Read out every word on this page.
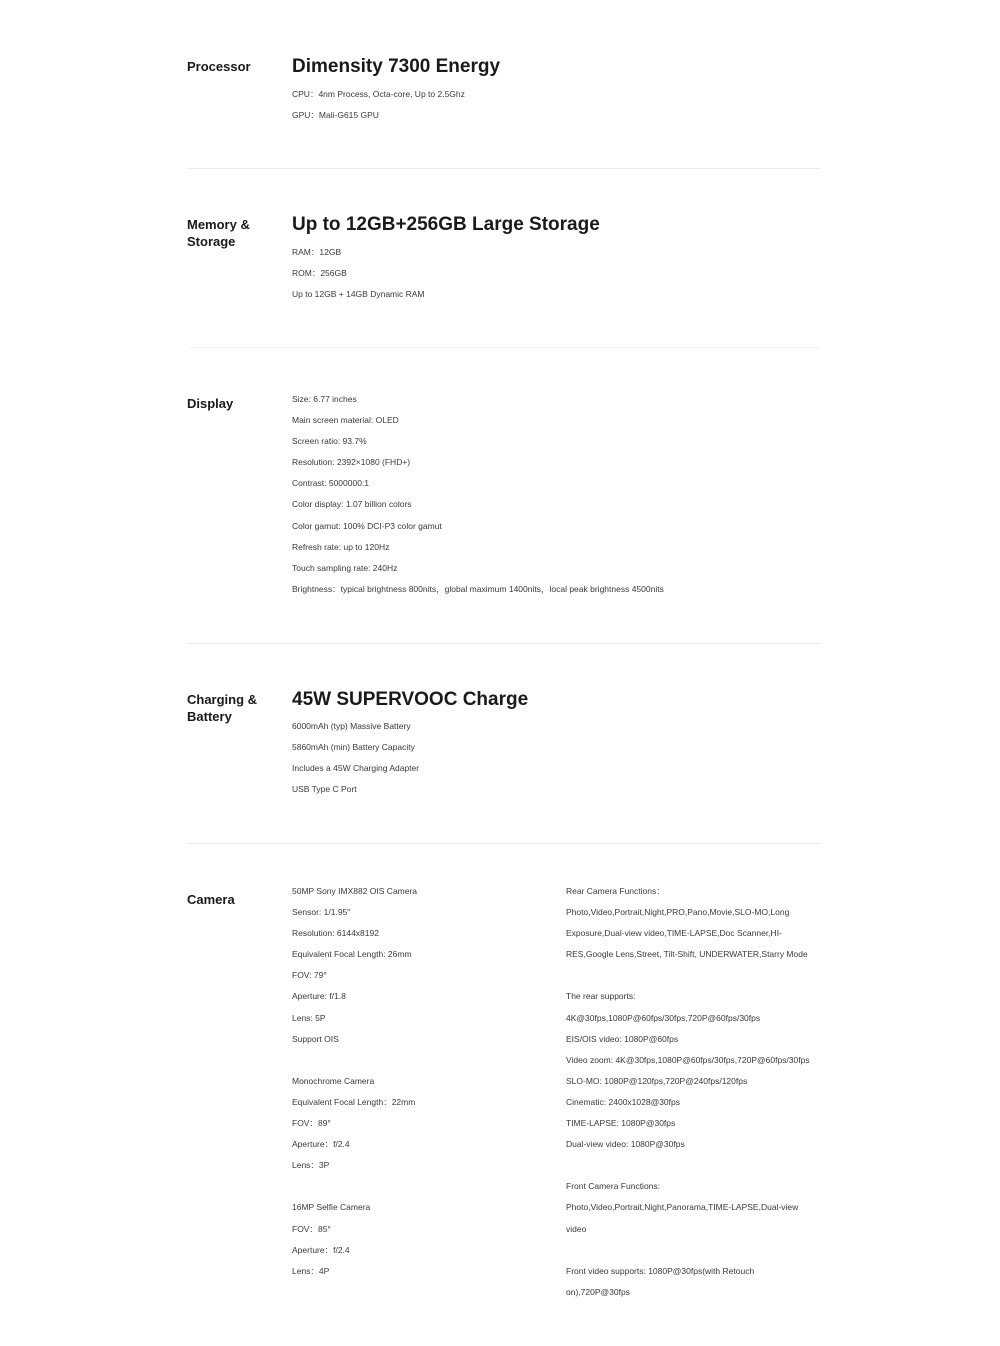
Processor	Dimensity 7300 Energy
CPU：4nm Process, Octa-core, Up to 2.5Ghz
GPU：Mali-G615 GPU
Memory &
Storage
Up to 12GB+256GB Large Storage
RAM：12GB
ROM：256GB
Up to 12GB + 14GB Dynamic RAM
Display	Size: 6.77 inches
Main screen material: OLED
Screen ratio: 93.7%
Resolution: 2392×1080 (FHD+)
Contrast: 5000000:1
Color display: 1.07 billion colors
Color gamut: 100% DCI-P3 color gamut
Refresh rate: up to 120Hz
Touch sampling rate: 240Hz
Brightness：typical brightness 800nits，global maximum 1400nits，local peak brightness 4500nits
Charging &
Battery
45W SUPERVOOC Charge
6000mAh (typ) Massive Battery
5860mAh (min) Battery Capacity
Includes a 45W Charging Adapter
USB Type C Port
Camera
50MP Sony IMX882 OIS Camera
Sensor: 1/1.95"
Resolution: 6144x8192
Equivalent Focal Length: 26mm
FOV: 79°
Aperture: f/1.8
Lens: 5P
Support OIS
Monochrome Camera
Equivalent Focal Length：22mm
FOV：89°
Aperture：f/2.4
Lens：3P
16MP Selfie Camera
FOV：85°
Aperture：f/2.4
Lens：4P
Rear Camera Functions：
Photo,Video,Portrait,Night,PRO,Pano,Movie,SLO-MO,Long
Exposure,Dual-view video,TIME-LAPSE,Doc Scanner,HI-
RES,Google Lens,Street, Tilt-Shift, UNDERWATER,Starry Mode
The rear supports:
4K@30fps,1080P@60fps/30fps,720P@60fps/30fps
EIS/OIS video: 1080P@60fps
Video zoom: 4K@30fps,1080P@60fps/30fps,720P@60fps/30fps
SLO-MO: 1080P@120fps,720P@240fps/120fps
Cinematic: 2400x1028@30fps
TIME-LAPSE: 1080P@30fps
Dual-view video: 1080P@30fps
Front Camera Functions:
Photo,Video,Portrait,Night,Panorama,TIME-LAPSE,Dual-view
video
Front video supports: 1080P@30fps(with Retouch
on),720P@30fps
